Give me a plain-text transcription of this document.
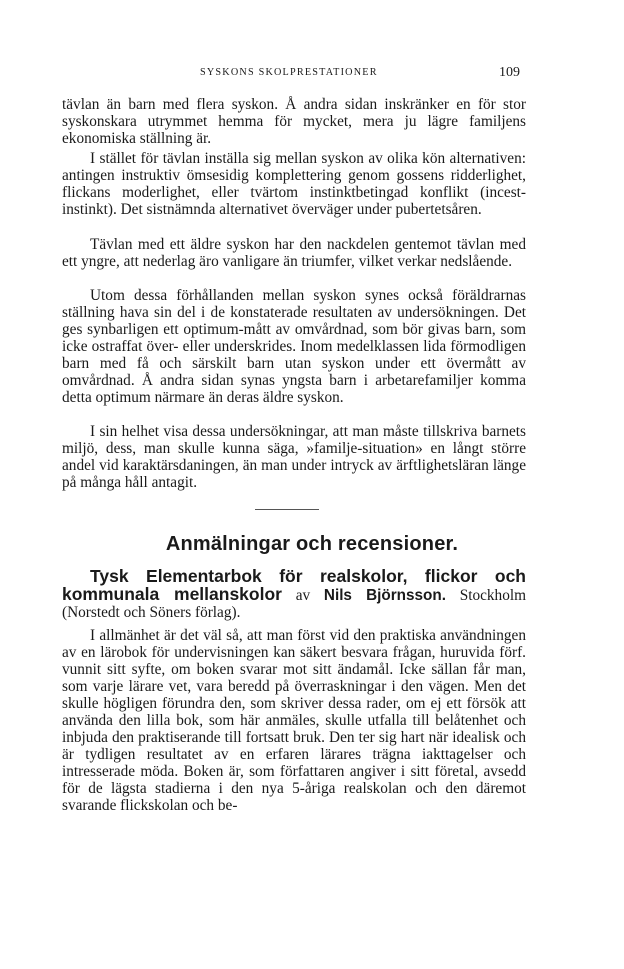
SYSKONS SKOLPRESTATIONER	109

tävlan än barn med flera syskon. Å andra sidan inskränker en för stor syskonskara utrymmet hemma för mycket, mera ju lägre familjens ekonomiska ställning är.

I stället för tävlan inställa sig mellan syskon av olika kön alternativen: antingen instruktiv ömsesidig komplettering genom gossens ridderlighet, flickans moderlighet, eller tvärtom instinktbetingad konflikt (incest-instinkt). Det sistnämnda alternativet överväger under pubertetsåren.

Tävlan med ett äldre syskon har den nackdelen gentemot tävlan med ett yngre, att nederlag äro vanligare än triumfer, vilket verkar nedslående.

Utom dessa förhållanden mellan syskon synes också föräldrarnas ställning hava sin del i de konstaterade resultaten av undersökningen. Det ges synbarligen ett optimum-mått av omvårdnad, som bör givas barn, som icke ostraffat över- eller underskrides. Inom medelklassen lida förmodligen barn med få och särskilt barn utan syskon under ett övermått av omvårdnad. Å andra sidan synas yngsta barn i arbetarefamiljer komma detta optimum närmare än deras äldre syskon.

I sin helhet visa dessa undersökningar, att man måste tillskriva barnets miljö, dess, man skulle kunna säga, »familje-situation» en långt större andel vid karaktärsdaningen, än man under intryck av ärftlighetsläran länge på många håll antagit.

Anmälningar och recensioner.

Tysk Elementarbok för realskolor, flickor och kommunala mellanskolor av Nils Björnsson. Stockholm (Norstedt och Söners förlag).

I allmänhet är det väl så, att man först vid den praktiska användningen av en lärobok för undervisningen kan säkert besvara frågan, huruvida förf. vunnit sitt syfte, om boken svarar mot sitt ändamål. Icke sällan får man, som varje lärare vet, vara beredd på överraskningar i den vägen. Men det skulle högligen förundra den, som skriver dessa rader, om ej ett försök att använda den lilla bok, som här anmäles, skulle utfalla till belåtenhet och inbjuda den praktiserande till fortsatt bruk. Den ter sig hart när idealisk och är tydligen resultatet av en erfaren lärares trägna iakttagelser och intresserade möda. Boken är, som författaren angiver i sitt företal, avsedd för de lägsta stadierna i den nya 5-åriga realskolan och den däremot svarande flickskolan och be-
